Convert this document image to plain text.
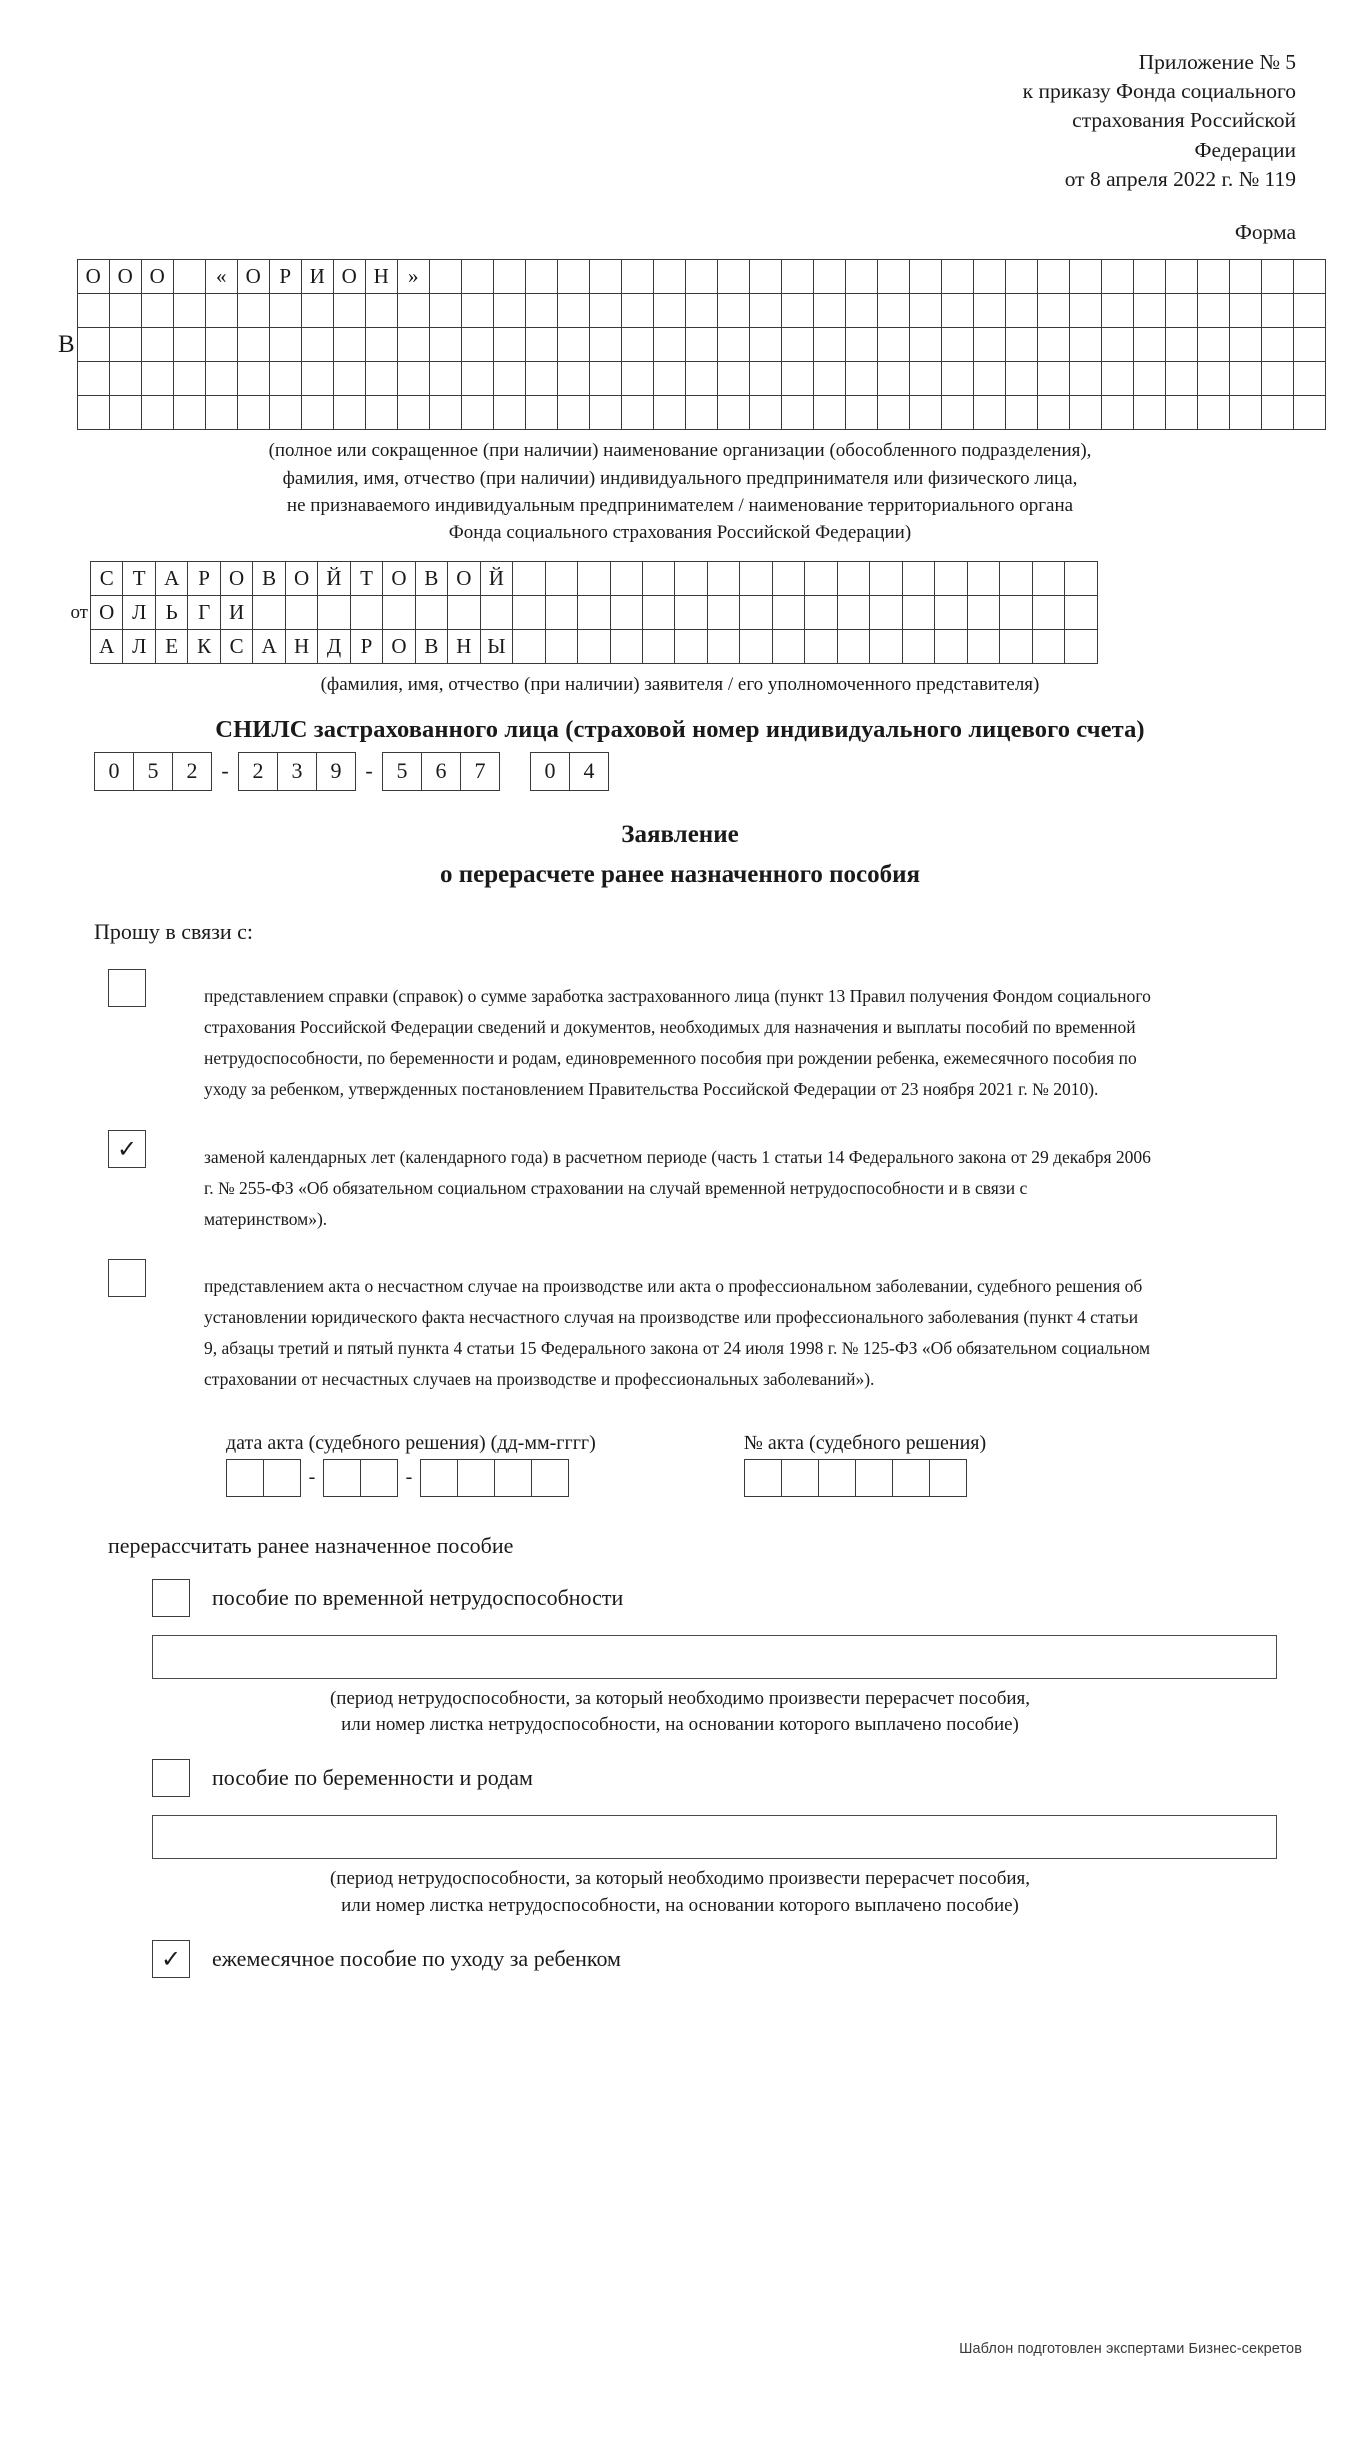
Приложение № 5
к приказу Фонда социального
страхования Российской
Федерации
от 8 апреля 2022 г. № 119
Форма
В
О	О	О		«	О	Р	И	О	Н	»																												

(полное или сокращенное (при наличии) наименование организации (обособленного подразделения),
фамилия, имя, отчество (при наличии) индивидуального предпринимателя или физического лица,
не признаваемого индивидуальным предпринимателем / наименование территориального органа
Фонда социального страхования Российской Федерации)
от
С	Т	А	Р	О	В	О	Й	Т	О	В	О	Й																		
О	Л	Ь	Г	И																										
А	Л	Е	К	С	А	Н	Д	Р	О	В	Н	Ы																		
(фамилия, имя, отчество (при наличии) заявителя / его уполномоченного представителя)
СНИЛС застрахованного лица (страховой номер индивидуального лицевого счета)
0	5	2	-	2	3	9	-	5	6	7	0	4
Заявление
о перерасчете ранее назначенного пособия
Прошу в связи с:
представлением справки (справок) о сумме заработка застрахованного лица (пункт 13 Правил получения Фондом социального страхования Российской Федерации сведений и документов, необходимых для назначения и выплаты пособий по временной нетрудоспособности, по беременности и родам, единовременного пособия при рождении ребенка, ежемесячного пособия по уходу за ребенком, утвержденных постановлением Правительства Российской Федерации от 23 ноября 2021 г. № 2010).
✓	заменой календарных лет (календарного года) в расчетном периоде (часть 1 статьи 14 Федерального закона от 29 декабря 2006 г. № 255-ФЗ «Об обязательном социальном страховании на случай временной нетрудоспособности и в связи с материнством»).
представлением акта о несчастном случае на производстве или акта о профессиональном заболевании, судебного решения об установлении юридического факта несчастного случая на производстве или профессионального заболевания (пункт 4 статьи 9, абзацы третий и пятый пункта 4 статьи 15 Федерального закона от 24 июля 1998 г. № 125-ФЗ «Об обязательном социальном страховании от несчастных случаев на производстве и профессиональных заболеваний»).
дата акта (судебного решения) (дд-мм-гггг)

-
		-

№ акта (судебного решения)

перерассчитать ранее назначенное пособие
пособие по временной нетрудоспособности
(период нетрудоспособности, за который необходимо произвести перерасчет пособия,
или номер листка нетрудоспособности, на основании которого выплачено пособие)
пособие по беременности и родам
(период нетрудоспособности, за который необходимо произвести перерасчет пособия,
или номер листка нетрудоспособности, на основании которого выплачено пособие)
✓	ежемесячное пособие по уходу за ребенком
Шаблон подготовлен экспертами Бизнес-секретов
